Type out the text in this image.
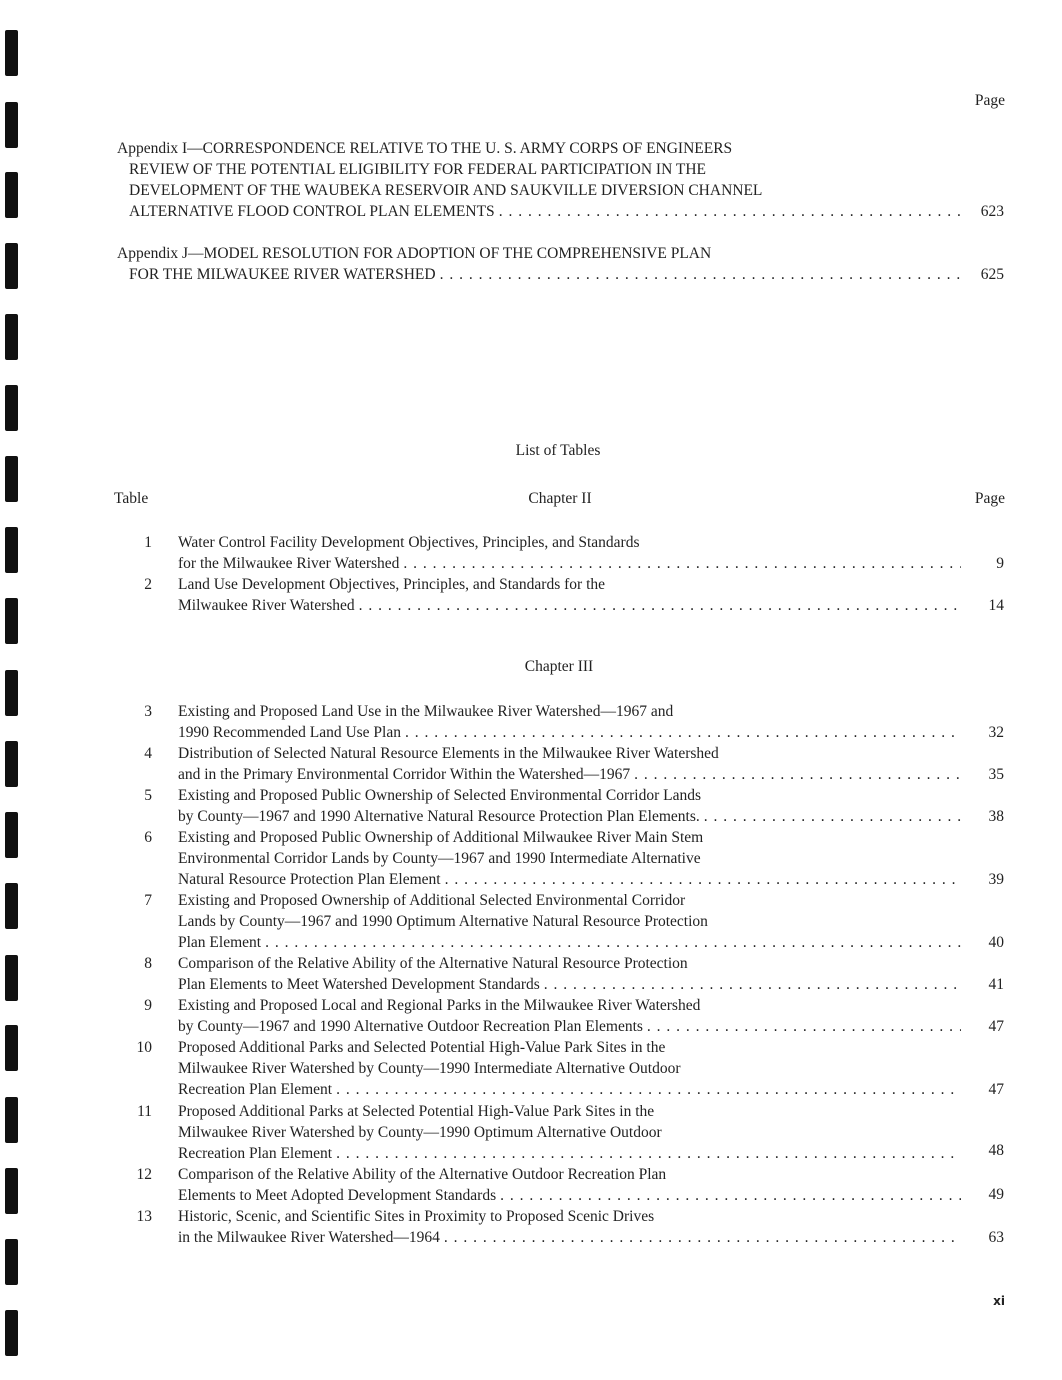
Page
Appendix I—CORRESPONDENCE RELATIVE TO THE U. S. ARMY CORPS OF ENGINEERS
REVIEW OF THE POTENTIAL ELIGIBILITY FOR FEDERAL PARTICIPATION IN THE
DEVELOPMENT OF THE WAUBEKA RESERVOIR AND SAUKVILLE DIVERSION CHANNEL
ALTERNATIVE FLOOD CONTROL PLAN ELEMENTS . . .	623
Appendix J—MODEL RESOLUTION FOR ADOPTION OF THE COMPREHENSIVE PLAN
FOR THE MILWAUKEE RIVER WATERSHED . . .	625
List of Tables
Table	Chapter II	Page
1 Water Control Facility Development Objectives, Principles, and Standards
for the Milwaukee River Watershed . . .	9
2 Land Use Development Objectives, Principles, and Standards for the
Milwaukee River Watershed . . .	14
Chapter III
3 Existing and Proposed Land Use in the Milwaukee River Watershed—1967 and
1990 Recommended Land Use Plan . . .	32
4 Distribution of Selected Natural Resource Elements in the Milwaukee River Watershed
and in the Primary Environmental Corridor Within the Watershed—1967 . . .	35
5 Existing and Proposed Public Ownership of Selected Environmental Corridor Lands
by County—1967 and 1990 Alternative Natural Resource Protection Plan Elements. . . .	38
6 Existing and Proposed Public Ownership of Additional Milwaukee River Main Stem
Environmental Corridor Lands by County—1967 and 1990 Intermediate Alternative
Natural Resource Protection Plan Element . . .	39
7 Existing and Proposed Ownership of Additional Selected Environmental Corridor
Lands by County—1967 and 1990 Optimum Alternative Natural Resource Protection
Plan Element . . .	40
8 Comparison of the Relative Ability of the Alternative Natural Resource Protection
Plan Elements to Meet Watershed Development Standards . . .	41
9 Existing and Proposed Local and Regional Parks in the Milwaukee River Watershed
by County—1967 and 1990 Alternative Outdoor Recreation Plan Elements . . .	47
10 Proposed Additional Parks and Selected Potential High-Value Park Sites in the
Milwaukee River Watershed by County—1990 Intermediate Alternative Outdoor
Recreation Plan Element . . .	47
11 Proposed Additional Parks at Selected Potential High-Value Park Sites in the
Milwaukee River Watershed by County—1990 Optimum Alternative Outdoor
Recreation Plan Element . . .	48
12 Comparison of the Relative Ability of the Alternative Outdoor Recreation Plan
Elements to Meet Adopted Development Standards . . .	49
13 Historic, Scenic, and Scientific Sites in Proximity to Proposed Scenic Drives
in the Milwaukee River Watershed—1964 . . .	63
xi
